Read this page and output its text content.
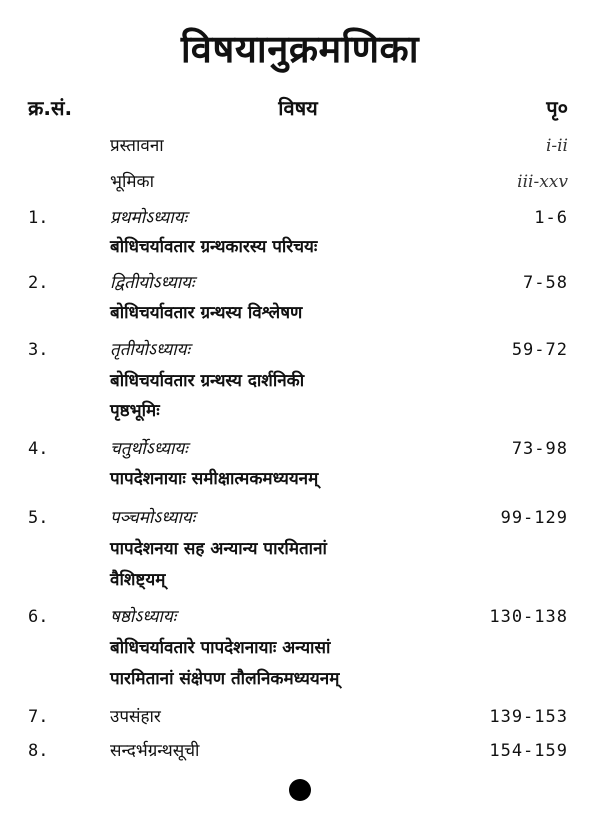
विषयानुक्रमणिका
क्र.सं.	विषय	पृ०
प्रस्तावना	i-ii
भूमिका	iii-xxv
1.	प्रथमोऽध्यायः	1-6
बोधिचर्यावतार ग्रन्थकारस्य परिचयः
2.	द्वितीयोऽध्यायः	7-58
बोधिचर्यावतार ग्रन्थस्य विश्लेषण
3.	तृतीयोऽध्यायः	59-72
बोधिचर्यावतार ग्रन्थस्य दार्शनिकी
पृष्ठभूमिः
4.	चतुर्थोऽध्यायः	73-98
पापदेशनायाः समीक्षात्मकमध्ययनम्
5.	पञ्चमोऽध्यायः	99-129
पापदेशनया सह अन्यान्य पारमितानां
वैशिष्ट्यम्
6.	षष्ठोऽध्यायः	130-138
बोधिचर्यावतारे पापदेशनायाः अन्यासां
पारमितानां संक्षेपण तौलनिकमध्ययनम्
7.	उपसंहार	139-153
8.	सन्दर्भग्रन्थसूची	154-159
